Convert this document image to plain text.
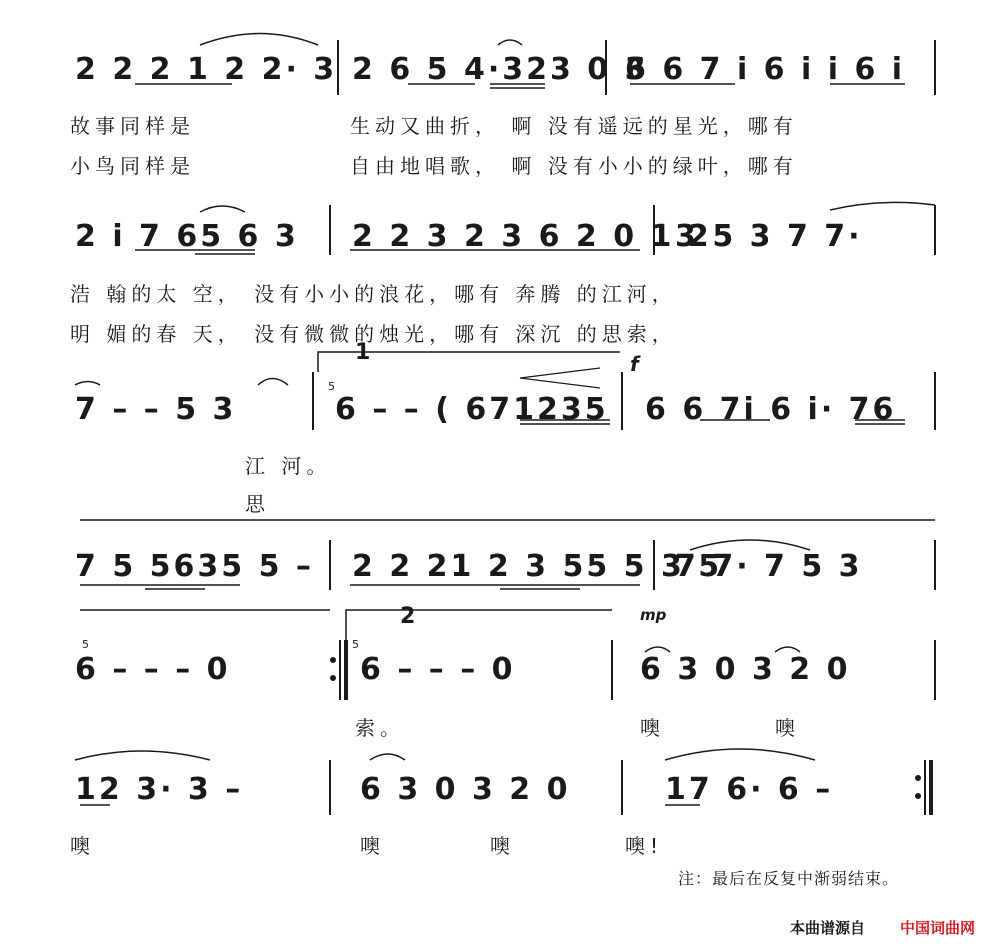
2 2 2 1 2 2· 3 2 6 5 4·323 0 3
6 6 7 i 6 i i 6 i
故事同样是	生动又曲折， 啊 没有遥远的星光，哪有
小鸟同样是	自由地唱歌， 啊 没有小小的绿叶，哪有
2 i 7 65 6 3 2 2 3 2 3 6 2 0 1 2
3 5 3 7 7·
浩 翰的太 空， 没有小小的浪花，哪有 奔腾 的江河，
明 媚的春 天， 没有微微的烛光，哪有 深沉 的思索，
1	f
5
5	5
7 – – 5 3	6 – – ( 671235 6 6 7i 6 i· 76
江 河。
思
7 5 5635 5 – 2 2 21 2 3 55 5 3 5
7 7· 7 5 3
2	mp
6 – – – 0	6 – – – 0	6 3 0 3 2 0
索。	噢	噢
12 3· 3 –	6 3 0 3 2 0	17 6· 6 –
噢	噢	噢	噢!
注：最后在反复中渐弱结束。
本曲谱源自 中国词曲网
